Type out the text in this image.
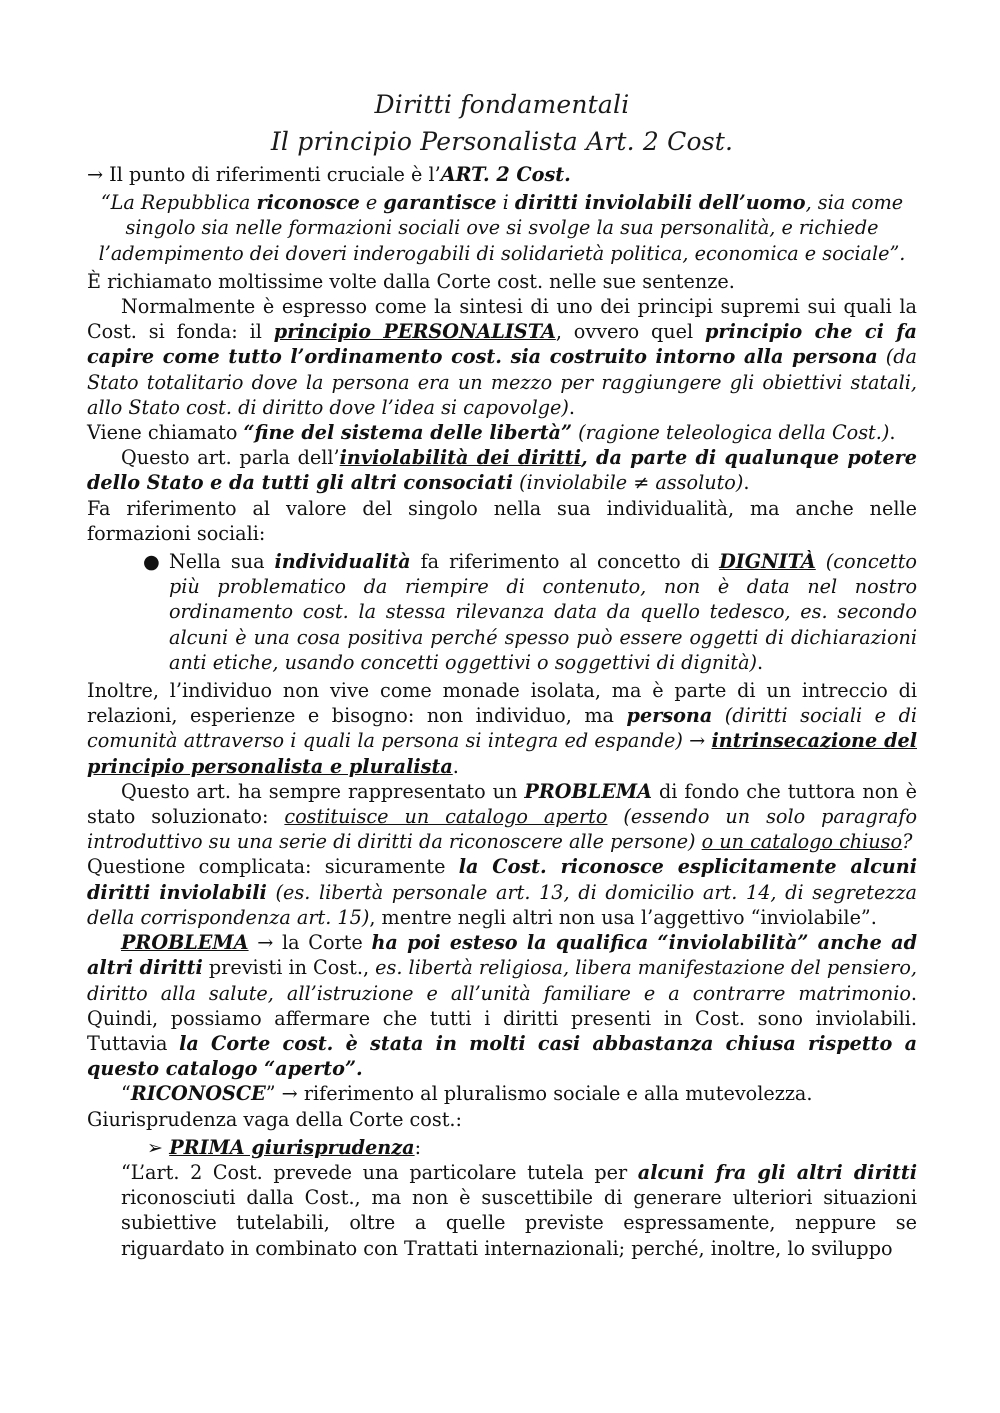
Diritti fondamentali
Il principio Personalista Art. 2 Cost.

→ Il punto di riferimenti cruciale è l’ART. 2 Cost.

“La Repubblica riconosce e garantisce i diritti inviolabili dell’uomo, sia come singolo sia nelle formazioni sociali ove si svolge la sua personalità, e richiede l’adempimento dei doveri inderogabili di solidarietà politica, economica e sociale”.

È richiamato moltissime volte dalla Corte cost. nelle sue sentenze.

Normalmente è espresso come la sintesi di uno dei principi supremi sui quali la Cost. si fonda: il principio PERSONALISTA, ovvero quel principio che ci fa capire come tutto l’ordinamento cost. sia costruito intorno alla persona (da Stato totalitario dove la persona era un mezzo per raggiungere gli obiettivi statali, allo Stato cost. di diritto dove l’idea si capovolge).

Viene chiamato “fine del sistema delle libertà” (ragione teleologica della Cost.).

Questo art. parla dell’inviolabilità dei diritti, da parte di qualunque potere dello Stato e da tutti gli altri consociati (inviolabile ≠ assoluto).

Fa riferimento al valore del singolo nella sua individualità, ma anche nelle formazioni sociali:

● Nella sua individualità fa riferimento al concetto di DIGNITÀ (concetto più problematico da riempire di contenuto, non è data nel nostro ordinamento cost. la stessa rilevanza data da quello tedesco, es. secondo alcuni è una cosa positiva perché spesso può essere oggetti di dichiarazioni anti etiche, usando concetti oggettivi o soggettivi di dignità).

Inoltre, l’individuo non vive come monade isolata, ma è parte di un intreccio di relazioni, esperienze e bisogno: non individuo, ma persona (diritti sociali e di comunità attraverso i quali la persona si integra ed espande) → intrinsecazione del principio personalista e pluralista.

Questo art. ha sempre rappresentato un PROBLEMA di fondo che tuttora non è stato soluzionato: costituisce un catalogo aperto (essendo un solo paragrafo introduttivo su una serie di diritti da riconoscere alle persone) o un catalogo chiuso?

Questione complicata: sicuramente la Cost. riconosce esplicitamente alcuni diritti inviolabili (es. libertà personale art. 13, di domicilio art. 14, di segretezza della corrispondenza art. 15), mentre negli altri non usa l’aggettivo “inviolabile”.

PROBLEMA → la Corte ha poi esteso la qualifica “inviolabilità” anche ad altri diritti previsti in Cost., es. libertà religiosa, libera manifestazione del pensiero, diritto alla salute, all’istruzione e all’unità familiare e a contrarre matrimonio. Quindi, possiamo affermare che tutti i diritti presenti in Cost. sono inviolabili. Tuttavia la Corte cost. è stata in molti casi abbastanza chiusa rispetto a questo catalogo “aperto”.

“RICONOSCE” → riferimento al pluralismo sociale e alla mutevolezza.

Giurisprudenza vaga della Corte cost.:

➢ PRIMA giurisprudenza:

“L’art. 2 Cost. prevede una particolare tutela per alcuni fra gli altri diritti riconosciuti dalla Cost., ma non è suscettibile di generare ulteriori situazioni subiettive tutelabili, oltre a quelle previste espressamente, neppure se riguardato in combinato con Trattati internazionali; perché, inoltre, lo sviluppo
